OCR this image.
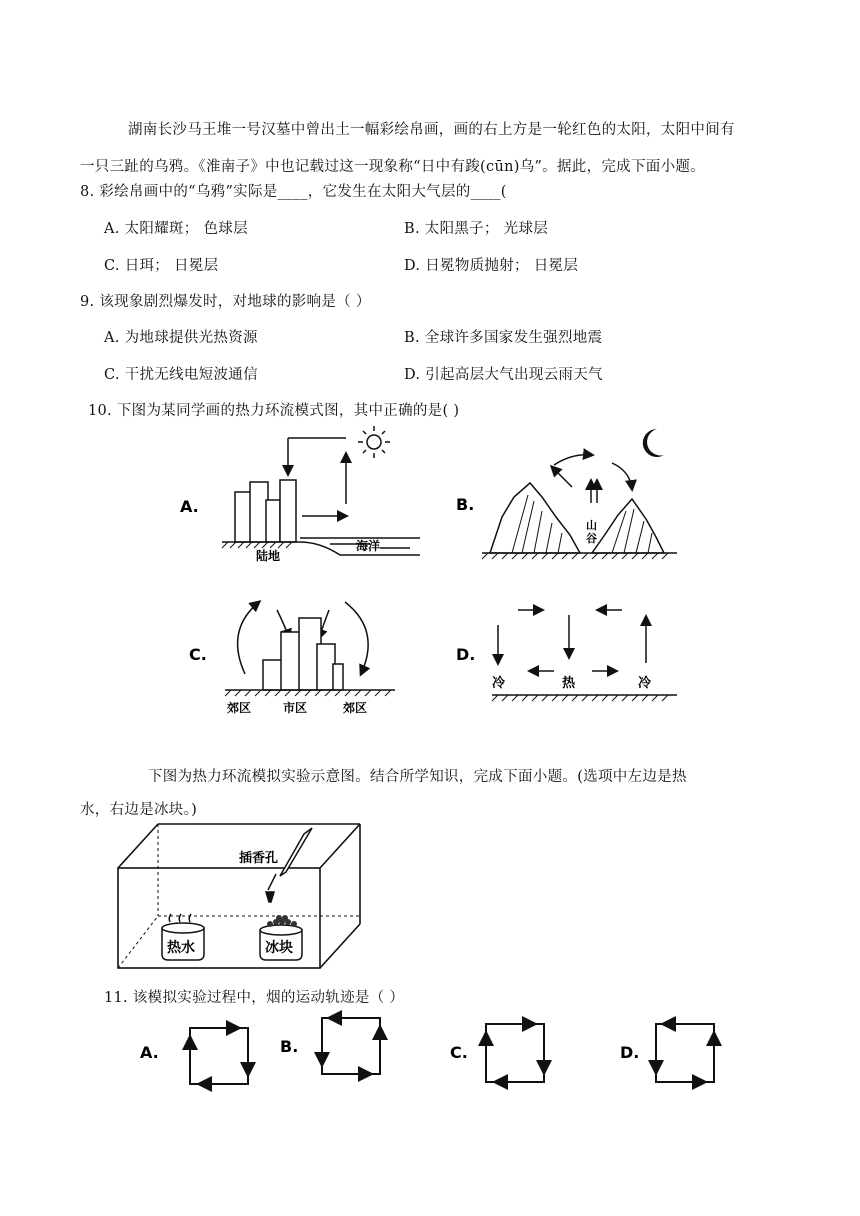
湖南长沙马王堆一号汉墓中曾出土一幅彩绘帛画，画的右上方是一轮红色的太阳，太阳中间有
一只三趾的乌鸦。《淮南子》中也记载过这一现象称“日中有踆(cūn)乌”。据此，完成下面小题。
8. 彩绘帛画中的“乌鸦”实际是____，它发生在太阳大气层的____(
A. 太阳耀斑； 色球层	B. 太阳黑子； 光球层
C. 日珥； 日冕层	D. 日冕物质抛射； 日冕层
9. 该现象剧烈爆发时，对地球的影响是（ ）
A. 为地球提供光热资源	B. 全球许多国家发生强烈地震
C. 干扰无线电短波通信	D. 引起高层大气出现云雨天气
10. 下图为某同学画的热力环流模式图，其中正确的是( )
A.
陆地
海洋
B.
山
谷
C.
郊区	市区	郊区
D.
冷	热	冷
下图为热力环流模拟实验示意图。结合所学知识，完成下面小题。(选项中左边是热
水，右边是冰块。)
插香孔
热水	冰块
11. 该模拟实验过程中，烟的运动轨迹是（ ）
A.	B.	C.	D.
